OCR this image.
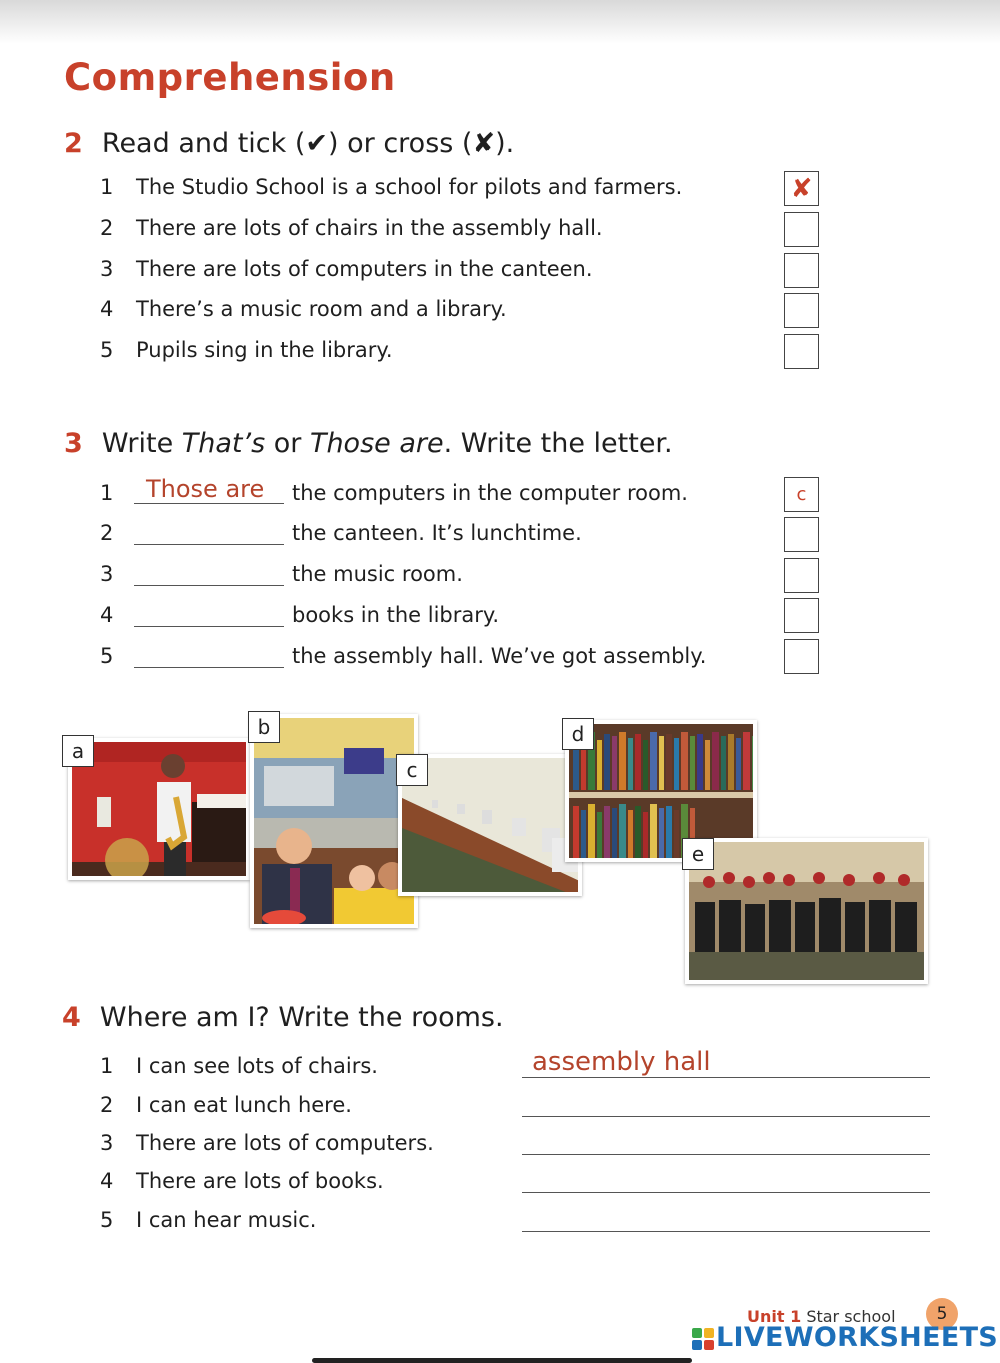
Comprehension
2 Read and tick (✔) or cross (✘).
1 The Studio School is a school for pilots and farmers.
2 There are lots of chairs in the assembly hall.
3 There are lots of computers in the canteen.
4 There’s a music room and a library.
5 Pupils sing in the library.
✘
3 Write That’s or Those are. Write the letter.
1
2
3
4
5
Those are	the computers in the computer room.
the canteen. It’s lunchtime.
the music room.
books in the library.
the assembly hall. We’ve got assembly.
c
a
b
c
d
e
4 Where am I? Write the rooms.
1 I can see lots of chairs.
2 I can eat lunch here.
3 There are lots of computers.
4 There are lots of books.
5 I can hear music.
assembly hall
Unit 1 Star school	5
LIVEWORKSHEETS
